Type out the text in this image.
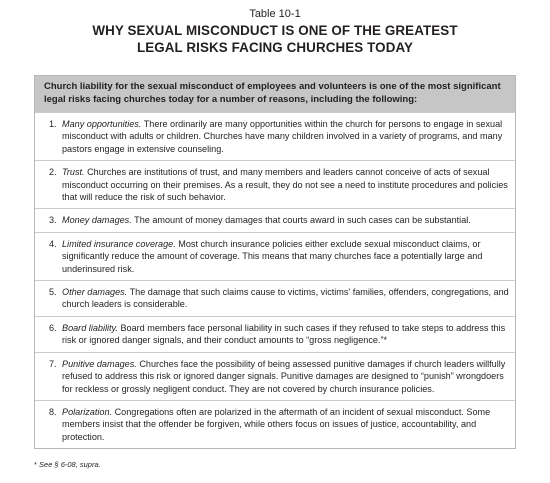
Table 10-1
WHY SEXUAL MISCONDUCT IS ONE OF THE GREATEST
LEGAL RISKS FACING CHURCHES TODAY
Church liability for the sexual misconduct of employees and volunteers is one of the most significant legal risks facing churches today for a number of reasons, including the following:
1. Many opportunities. There ordinarily are many opportunities within the church for persons to engage in sexual misconduct with adults or children. Churches have many children involved in a variety of programs, and many pastors engage in extensive counseling.
2. Trust. Churches are institutions of trust, and many members and leaders cannot conceive of acts of sexual misconduct occurring on their premises. As a result, they do not see a need to institute procedures and policies that will reduce the risk of such behavior.
3. Money damages. The amount of money damages that courts award in such cases can be substantial.
4. Limited insurance coverage. Most church insurance policies either exclude sexual misconduct claims, or significantly reduce the amount of coverage. This means that many churches face a potentially large and underinsured risk.
5. Other damages. The damage that such claims cause to victims, victims' families, offenders, congregations, and church leaders is considerable.
6. Board liability. Board members face personal liability in such cases if they refused to take steps to address this risk or ignored danger signals, and their conduct amounts to “gross negligence.”*
7. Punitive damages. Churches face the possibility of being assessed punitive damages if church leaders willfully refused to address this risk or ignored danger signals. Punitive damages are designed to “punish” wrongdoers for reckless or grossly negligent conduct. They are not covered by church insurance policies.
8. Polarization. Congregations often are polarized in the aftermath of an incident of sexual misconduct. Some members insist that the offender be forgiven, while others focus on issues of justice, accountability, and protection.
* See § 6-08, supra.
